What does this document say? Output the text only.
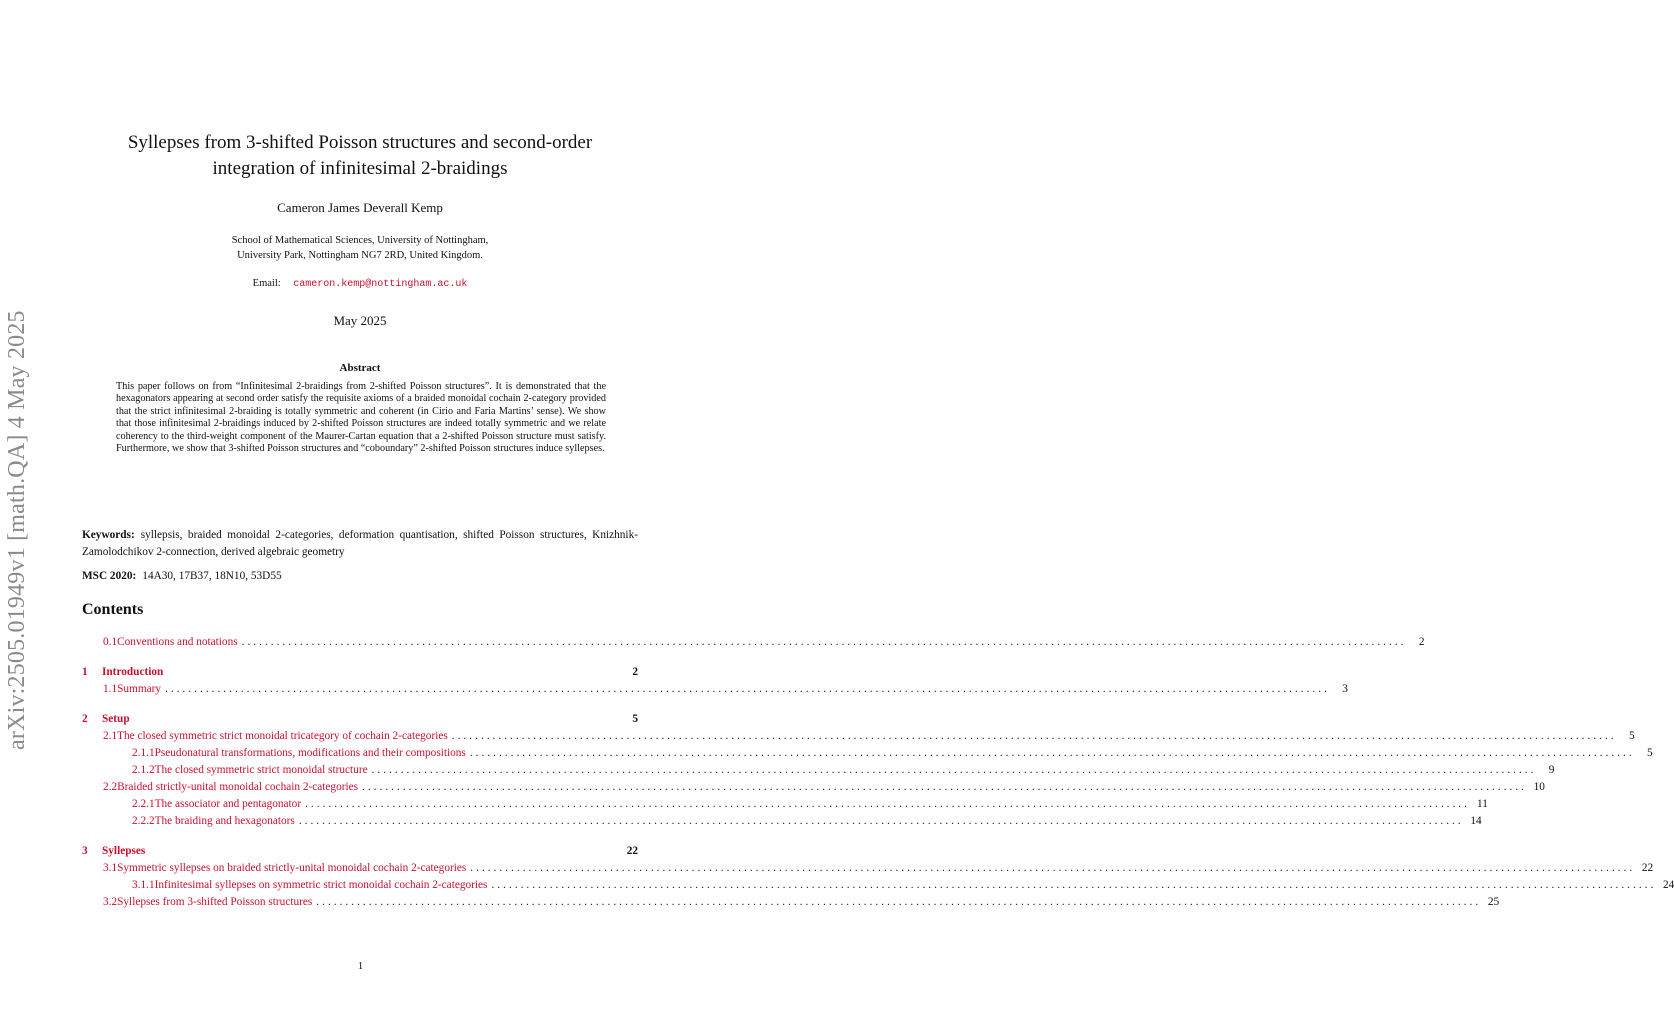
arXiv:2505.01949v1 [math.QA] 4 May 2025
Syllepses from 3-shifted Poisson structures and second-order
integration of infinitesimal 2-braidings
Cameron James Deverall Kemp
School of Mathematical Sciences, University of Nottingham,
University Park, Nottingham NG7 2RD, United Kingdom.
Email: cameron.kemp@nottingham.ac.uk
May 2025
Abstract

This paper follows on from “Infinitesimal 2-braidings from 2-shifted Poisson structures”. It is demonstrated that the hexagonators appearing at second order satisfy the requisite axioms of a braided monoidal cochain 2-category provided that the strict infinitesimal 2-braiding is totally symmetric and coherent (in Cirio and Faria Martins’ sense). We show that those infinitesimal 2-braidings induced by 2-shifted Poisson structures are indeed totally symmetric and we relate coherency to the third-weight component of the Maurer-Cartan equation that a 2-shifted Poisson structure must satisfy. Furthermore, we show that 3-shifted Poisson structures and “coboundary” 2-shifted Poisson structures induce syllepses.

Keywords: syllepsis, braided monoidal 2-categories, deformation quantisation, shifted Poisson structures, Knizhnik-Zamolodchikov 2-connection, derived algebraic geometry

MSC 2020: 14A30, 17B37, 18N10, 53D55

Contents
0.1 Conventions and notations ........................................................................................................................................................................................................	2
1	Introduction	2
1.1 Summary ........................................................................................................................................................................................................	3
2	Setup	5
2.1 The closed symmetric strict monoidal tricategory of cochain 2-categories ........................................................................................................................................................................................................	5
2.1.1 Pseudonatural transformations, modifications and their compositions ........................................................................................................................................................................................................	5
2.1.2 The closed symmetric strict monoidal structure ........................................................................................................................................................................................................	9
2.2 Braided strictly-unital monoidal cochain 2-categories ........................................................................................................................................................................................................ 10
2.2.1 The associator and pentagonator ........................................................................................................................................................................................................ 11
2.2.2 The braiding and hexagonators ........................................................................................................................................................................................................ 14
3	Syllepses	22
3.1 Symmetric syllepses on braided strictly-unital monoidal cochain 2-categories ........................................................................................................................................................................................................ 22
3.1.1 Infinitesimal syllepses on symmetric strict monoidal cochain 2-categories ........................................................................................................................................................................................................ 24
3.2 Syllepses from 3-shifted Poisson structures ........................................................................................................................................................................................................ 25
1
